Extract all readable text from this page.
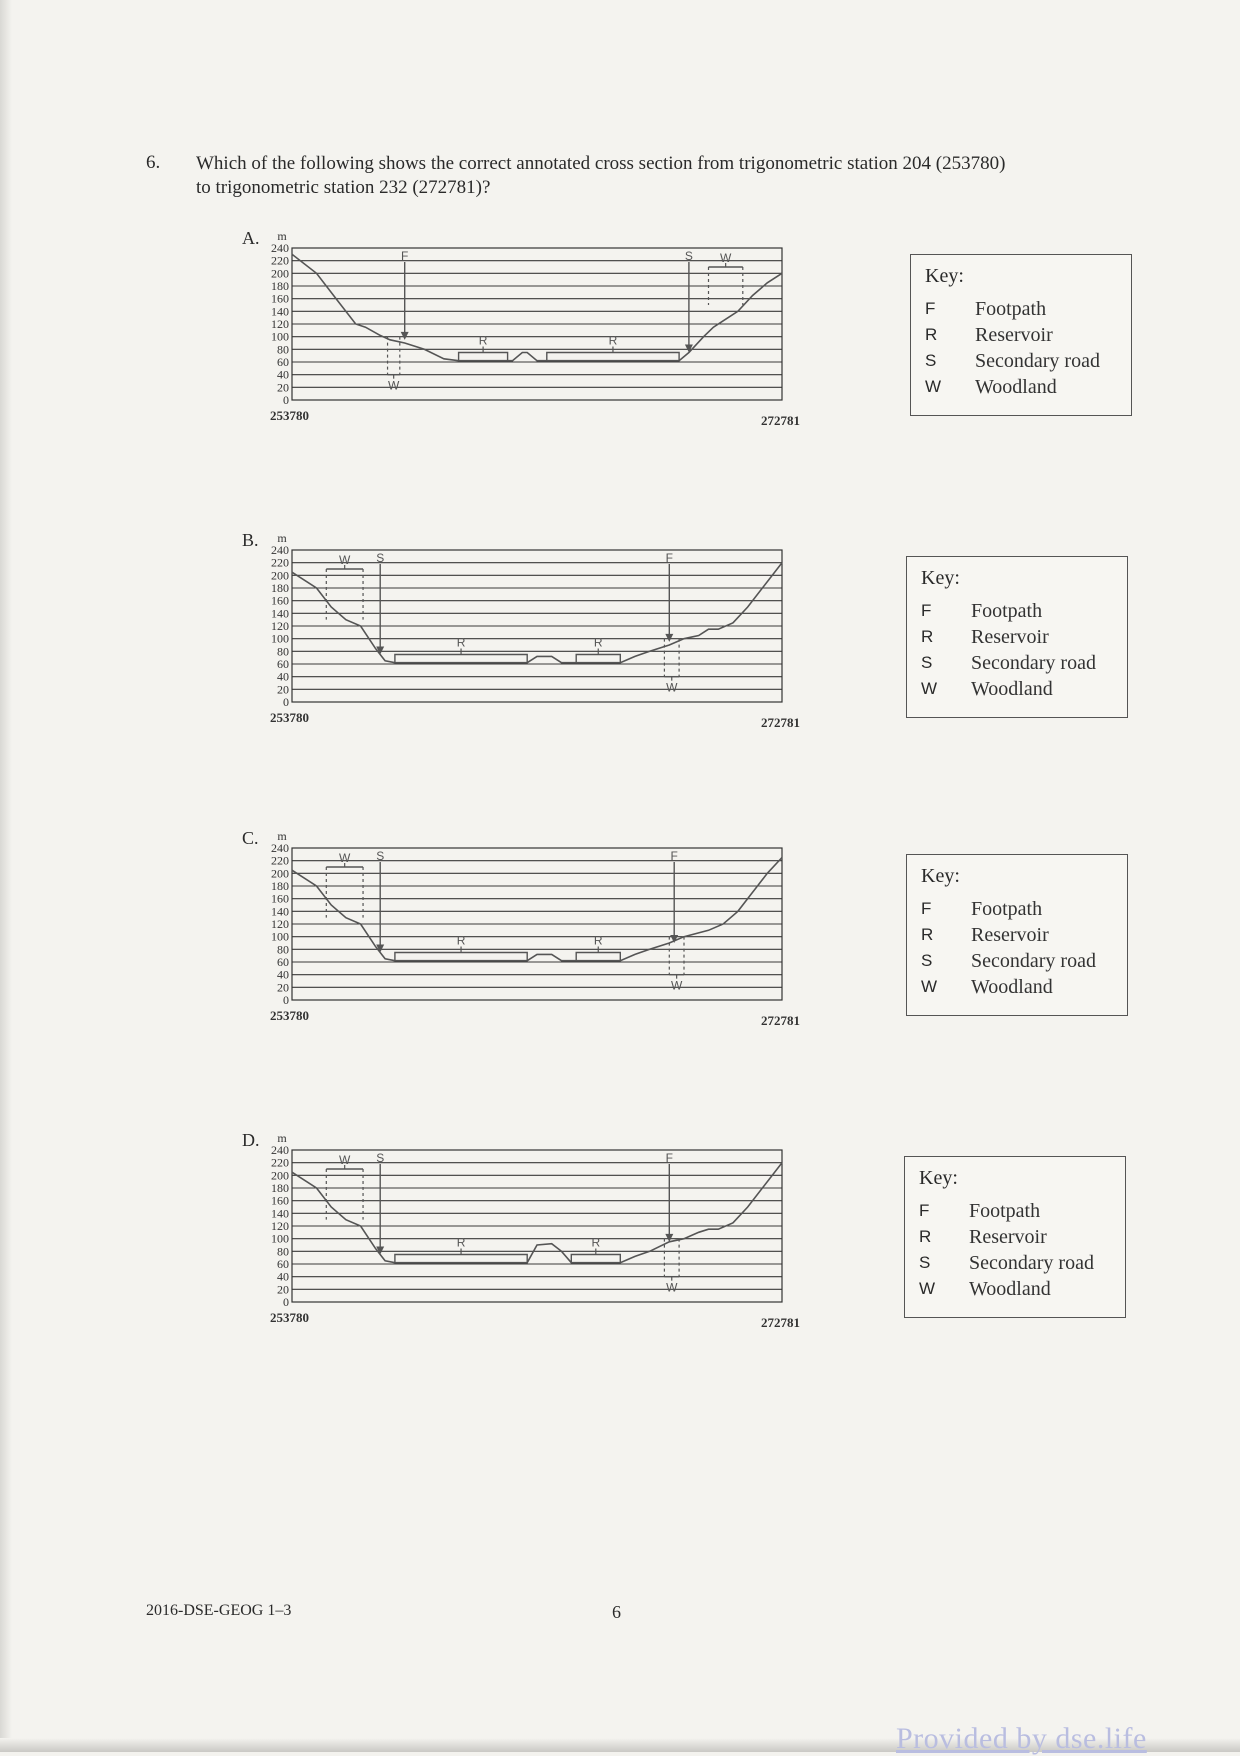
6. Which of the following shows the correct annotated cross section from trigonometric station 204 (253780)
to trigonometric station 232 (272781)?
A.
0
20
40
60
80
100
120
140
160
180
200
220
240
m
253780	272781
F
W
R	R
S W
Key:
F Footpath
R Reservoir
S Secondary road
W Woodland
B.
0
20
40
60
80
100
120
140
160
180
200
220
240
m
253780	272781
W S
R	R
F
W
Key:
F Footpath
R Reservoir
S Secondary road
W Woodland
C.
0
20
40
60
80
100
120
140
160
180
200
220
240
m
253780	272781
W S
R	R
F
W
Key:
F Footpath
R Reservoir
S Secondary road
W Woodland
D.
0
20
40
60
80
100
120
140
160
180
200
220
240
m
253780	272781
W S
R	R
F
W
Key:
F Footpath
R Reservoir
S Secondary road
W Woodland
2016-DSE-GEOG 1–3	6
Provided by dse.life
